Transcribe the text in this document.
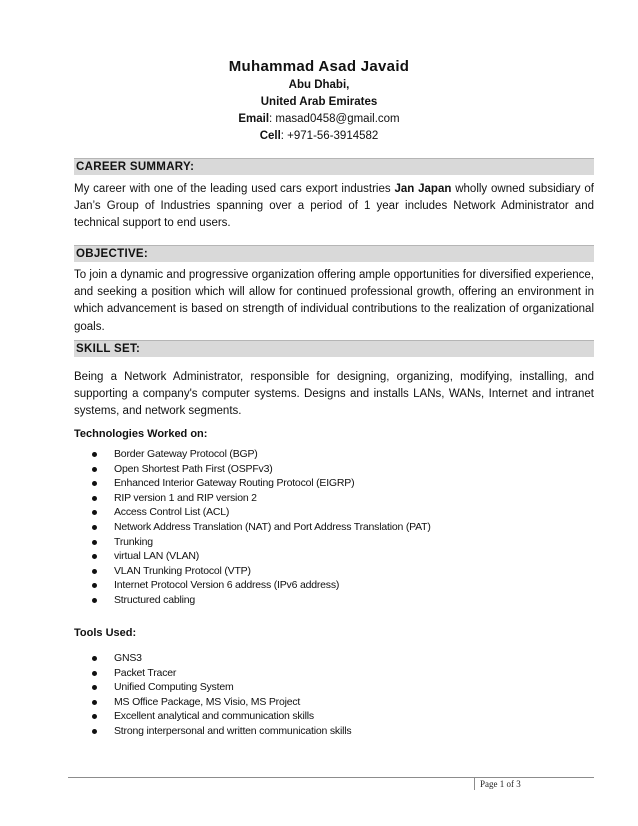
Muhammad Asad Javaid
Abu Dhabi,
United Arab Emirates
Email: masad0458@gmail.com
Cell: +971-56-3914582
CAREER SUMMARY:

My career with one of the leading used cars export industries Jan Japan wholly owned subsidiary of Jan’s Group of Industries spanning over a period of 1 year includes Network Administrator and technical support to end users.

OBJECTIVE:

To join a dynamic and progressive organization offering ample opportunities for diversified experience, and seeking a position which will allow for continued professional growth, offering an environment in which advancement is based on strength of individual contributions to the realization of organizational goals.

SKILL SET:

Being a Network Administrator, responsible for designing, organizing, modifying, installing, and supporting a company's computer systems. Designs and installs LANs, WANs, Internet and intranet systems, and network segments.

Technologies Worked on:
Border Gateway Protocol (BGP)
Open Shortest Path First (OSPFv3)
Enhanced Interior Gateway Routing Protocol (EIGRP)
RIP version 1 and RIP version 2
Access Control List (ACL)
Network Address Translation (NAT) and Port Address Translation (PAT)
Trunking
virtual LAN (VLAN)
VLAN Trunking Protocol (VTP)
Internet Protocol Version 6 address (IPv6 address)
Structured cabling
Tools Used:
GNS3
Packet Tracer
Unified Computing System
MS Office Package, MS Visio, MS Project
Excellent analytical and communication skills
Strong interpersonal and written communication skills
Page 1 of 3
